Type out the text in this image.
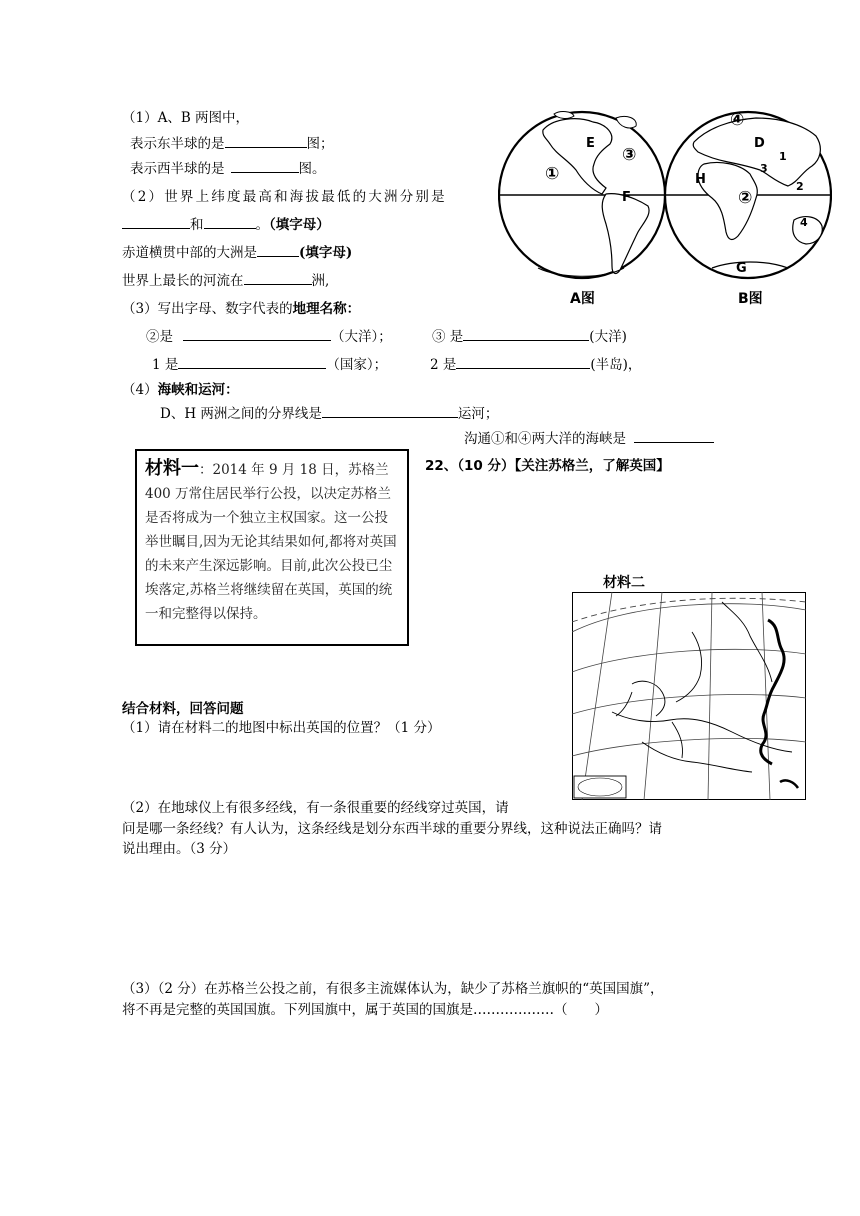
（1）A、B 两图中，
表示东半球的是	图；
表示西半球的是	图。
（2）世界上纬度最高和海拔最低的大洲分别是
和	。（填字母）
赤道横贯中部的大洲是	(填字母)
世界上最长的河流在	洲,
（3）写出字母、数字代表的地理名称：
②是	（大洋）；	③ 是	(大洋)
1 是	（国家）；	2 是	(半岛)，
（4）海峡和运河：
D、H 两洲之间的分界线是	运河；
沟通①和④两大洋的海峡是
①
E
③
F
④
D
1
3
H
②
2
4
G
A图	B图
材料一：2014 年 9 月 18 日，苏格兰 400 万常住居民举行公投，以决定苏格兰是否将成为一个独立主权国家。这一公投举世瞩目,因为无论其结果如何,都将对英国的未来产生深远影响。目前,此次公投已尘埃落定,苏格兰将继续留在英国，英国的统一和完整得以保持。
22、（10 分）【关注苏格兰，了解英国】
材料二
结合材料，回答问题
（1）请在材料二的地图中标出英国的位置？（1 分）
（2）在地球仪上有很多经线，有一条很重要的经线穿过英国，请
问是哪一条经线？有人认为，这条经线是划分东西半球的重要分界线，这种说法正确吗？请
说出理由。（3 分）
（3）（2 分）在苏格兰公投之前，有很多主流媒体认为，缺少了苏格兰旗帜的“英国国旗”，
将不再是完整的英国国旗。下列国旗中，属于英国的国旗是………………（　　）
